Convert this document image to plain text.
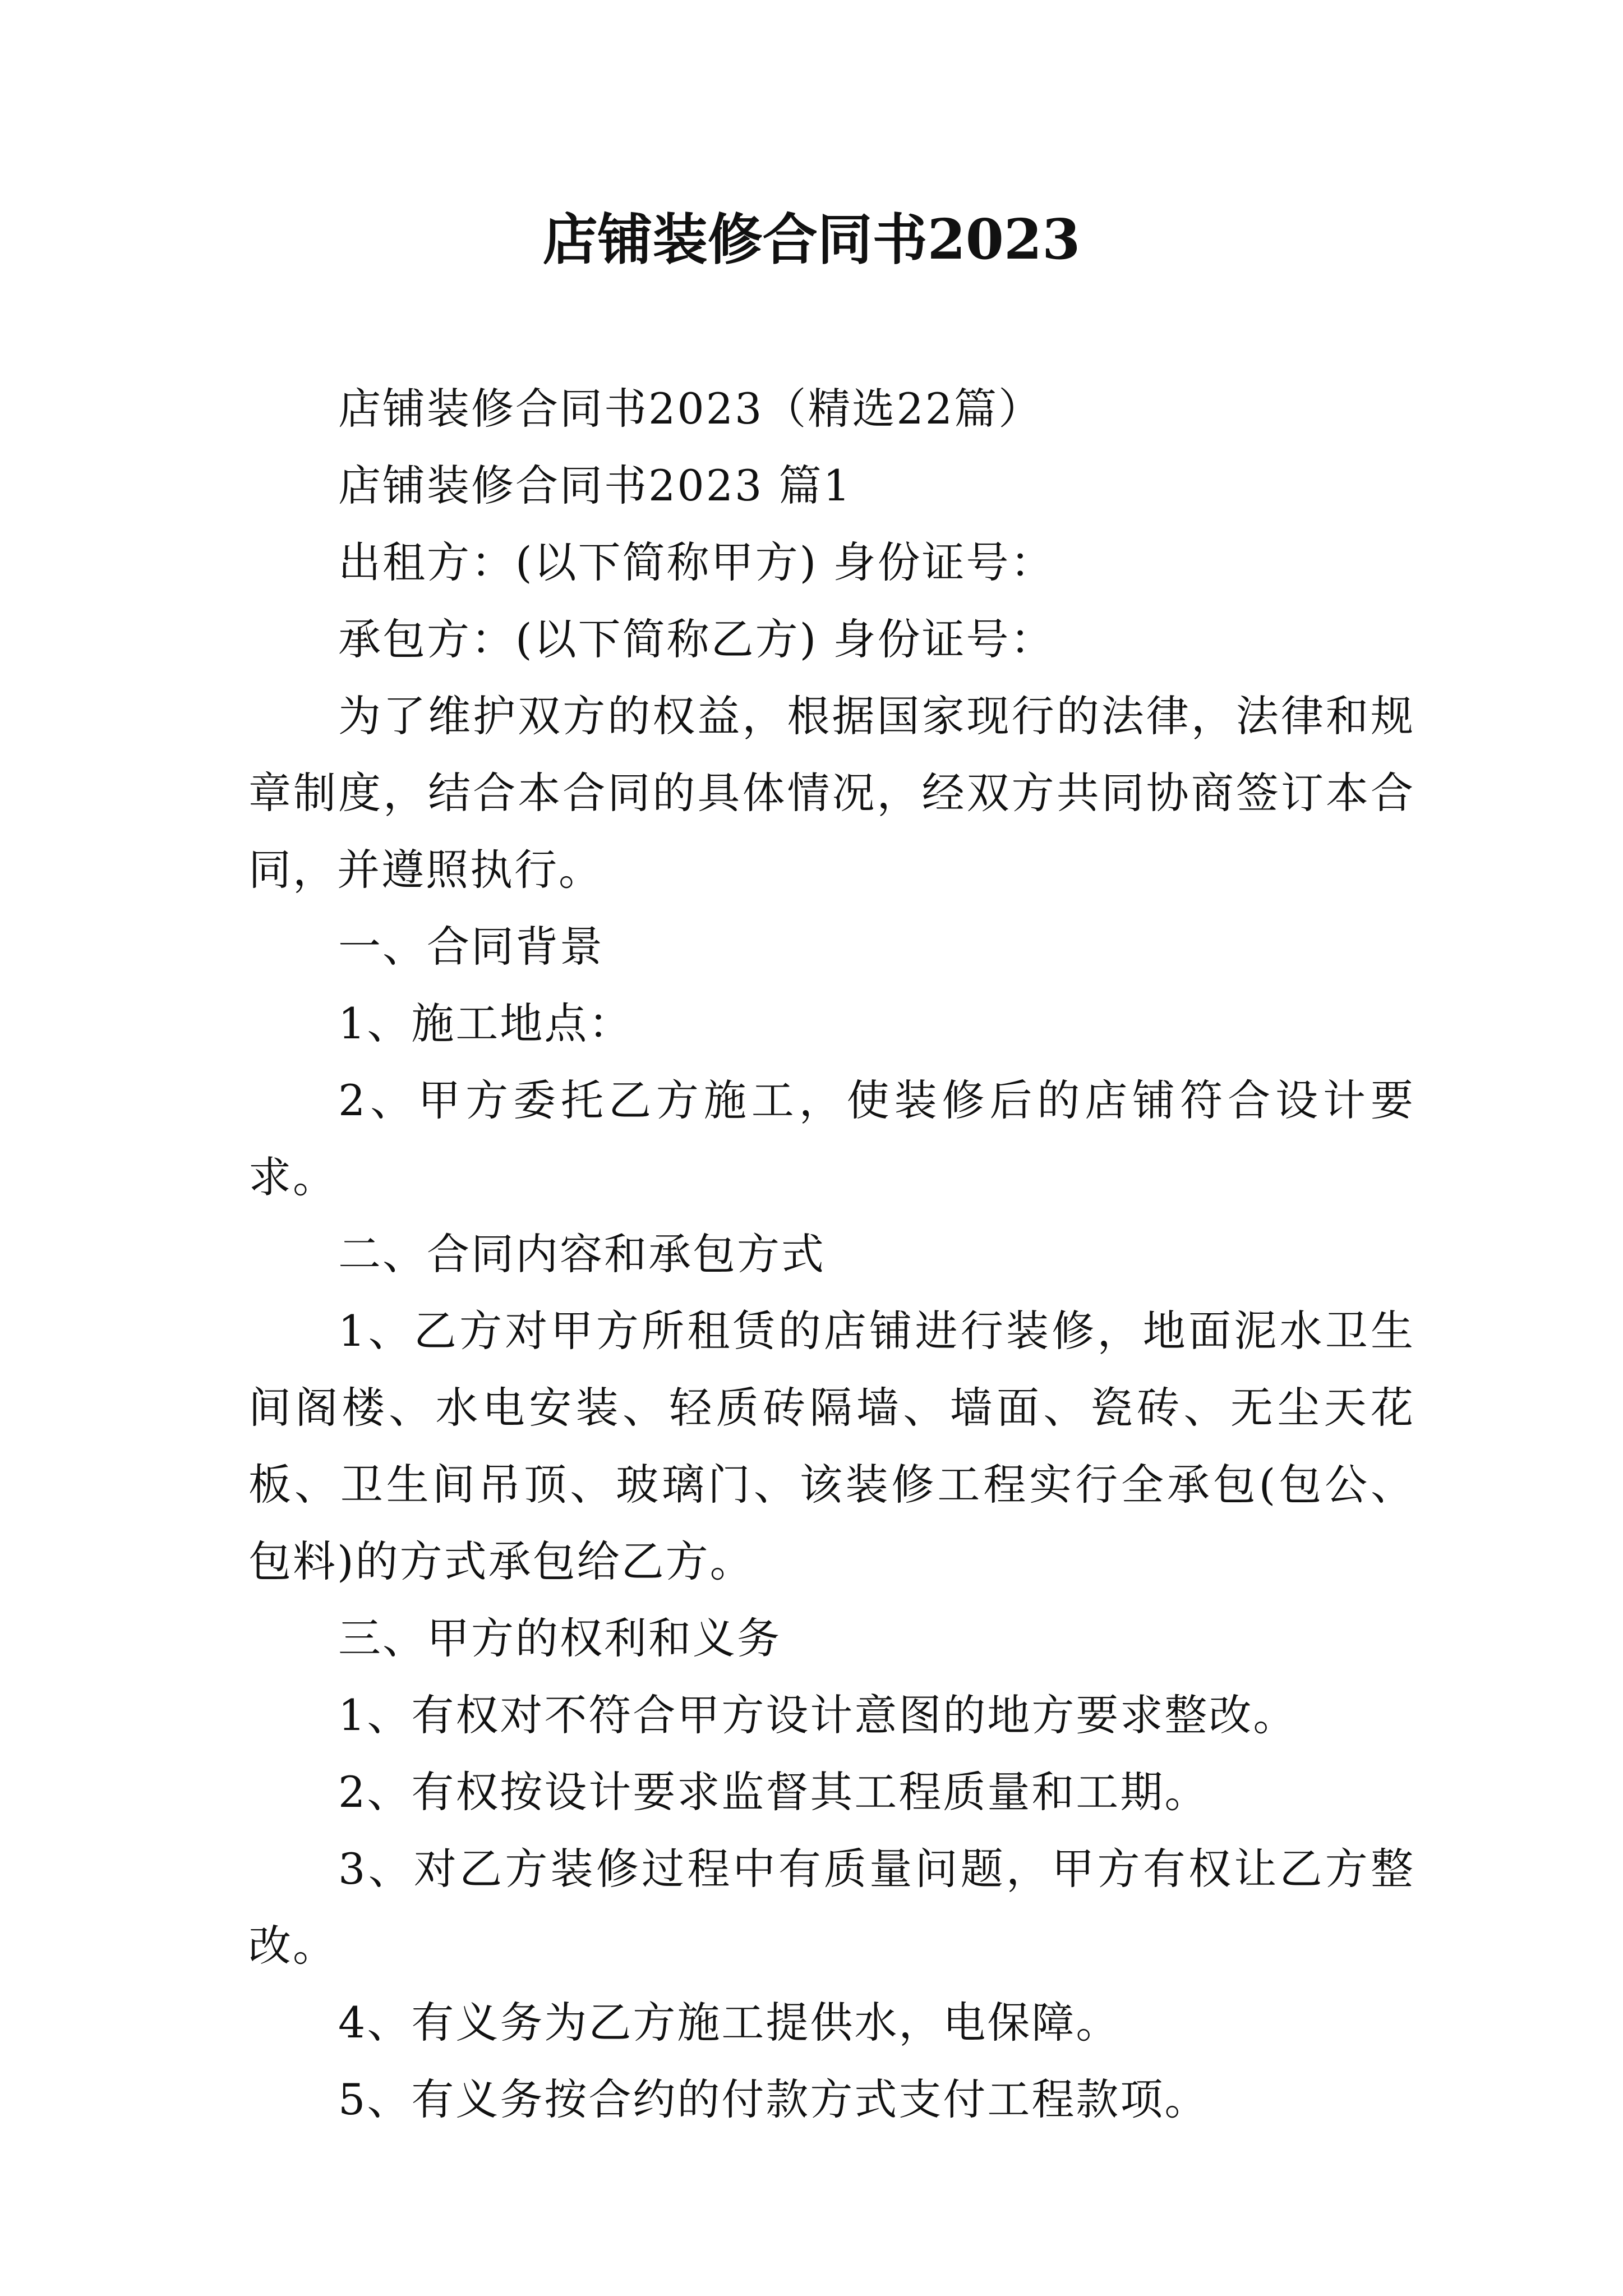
店铺装修合同书2023

店铺装修合同书2023（精选22篇）

店铺装修合同书2023 篇1

出租方：(以下简称甲方) 身份证号：

承包方：(以下简称乙方) 身份证号：

为了维护双方的权益，根据国家现行的法律，法律和规章制度，结合本合同的具体情况，经双方共同协商签订本合同，并遵照执行。

一、合同背景

1、施工地点：

2、甲方委托乙方施工，使装修后的店铺符合设计要求。

二、合同内容和承包方式

1、乙方对甲方所租赁的店铺进行装修，地面泥水卫生间阁楼、水电安装、轻质砖隔墙、墙面、瓷砖、无尘天花板、卫生间吊顶、玻璃门、该装修工程实行全承包(包公、包料)的方式承包给乙方。

三、甲方的权利和义务

1、有权对不符合甲方设计意图的地方要求整改。

2、有权按设计要求监督其工程质量和工期。

3、对乙方装修过程中有质量问题，甲方有权让乙方整改。

4、有义务为乙方施工提供水，电保障。

5、有义务按合约的付款方式支付工程款项。
